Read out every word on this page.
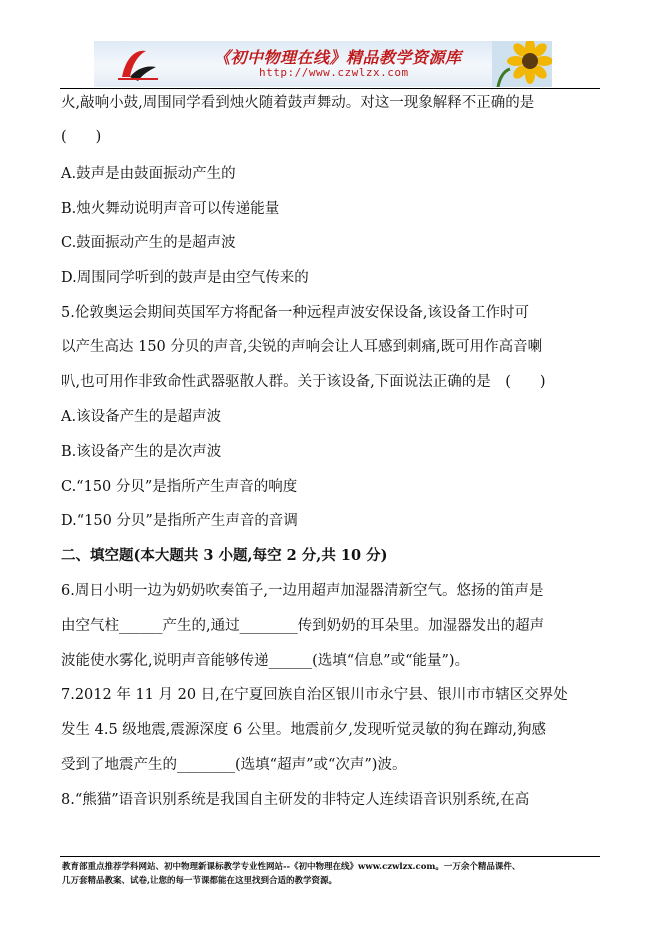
《初中物理在线》精品教学资源库
http://www.czwlzx.com
火,敲响小鼓,周围同学看到烛火随着鼓声舞动。对这一现象解释不正确的是
(　　)
A.鼓声是由鼓面振动产生的
B.烛火舞动说明声音可以传递能量
C.鼓面振动产生的是超声波
D.周围同学听到的鼓声是由空气传来的
5.伦敦奥运会期间英国军方将配备一种远程声波安保设备,该设备工作时可
以产生高达 150 分贝的声音,尖锐的声响会让人耳感到刺痛,既可用作高音喇
叭,也可用作非致命性武器驱散人群。关于该设备,下面说法正确的是　(　　)
A.该设备产生的是超声波
B.该设备产生的是次声波
C.“150 分贝”是指所产生声音的响度
D.“150 分贝”是指所产生声音的音调
二、填空题(本大题共 3 小题,每空 2 分,共 10 分)
6.周日小明一边为奶奶吹奏笛子,一边用超声加湿器清新空气。悠扬的笛声是
由空气柱______产生的,通过________传到奶奶的耳朵里。加湿器发出的超声
波能使水雾化,说明声音能够传递______(选填“信息”或“能量”)。
7.2012 年 11 月 20 日,在宁夏回族自治区银川市永宁县、银川市市辖区交界处
发生 4.5 级地震,震源深度 6 公里。地震前夕,发现听觉灵敏的狗在蹿动,狗感
受到了地震产生的________(选填“超声”或“次声”)波。
8.“熊猫”语音识别系统是我国自主研发的非特定人连续语音识别系统,在高
教育部重点推荐学科网站、初中物理新课标教学专业性网站--《初中物理在线》www.czwlzx.com。一万余个精品课件、
几万套精品教案、试卷,让您的每一节课都能在这里找到合适的教学资源。
